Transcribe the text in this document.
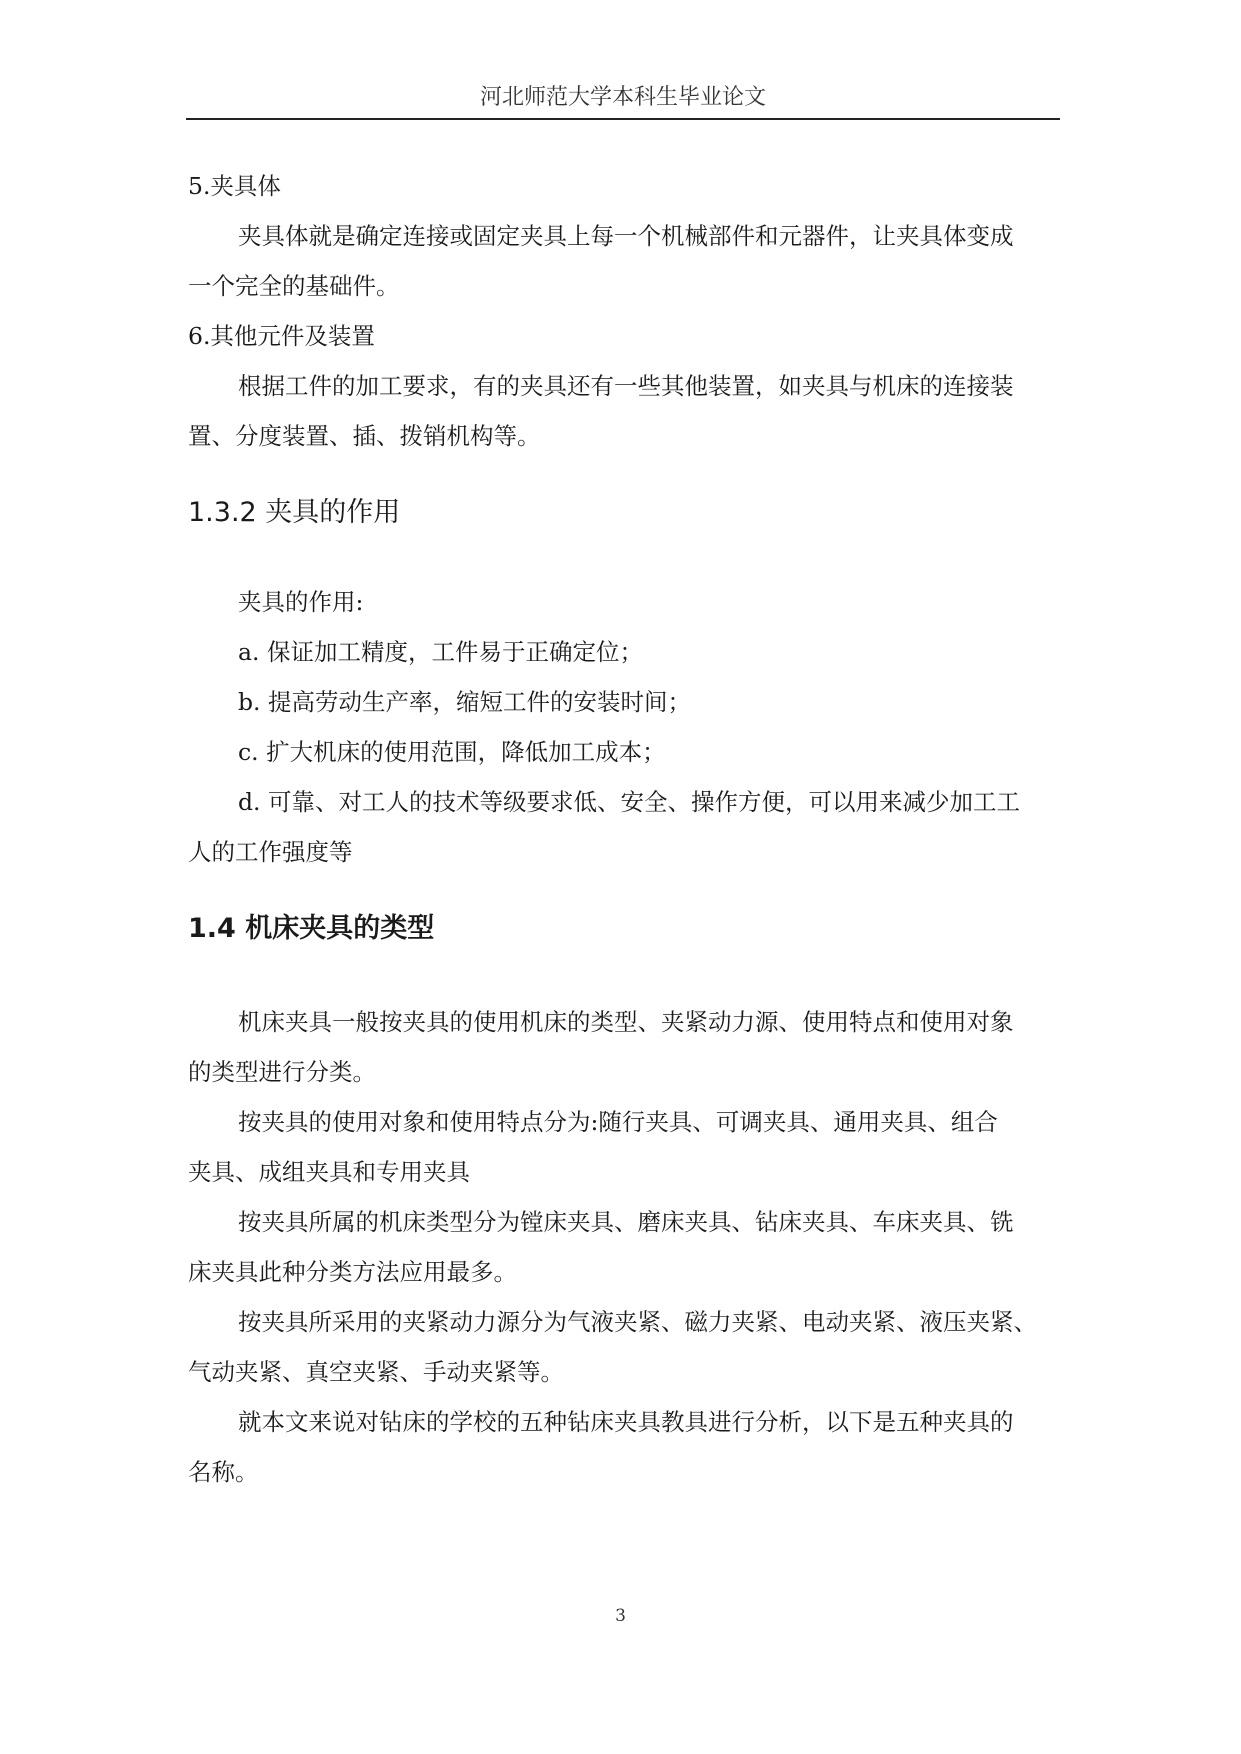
河北师范大学本科生毕业论文
5.夹具体
夹具体就是确定连接或固定夹具上每一个机械部件和元器件，让夹具体变成
一个完全的基础件。
6.其他元件及装置
根据工件的加工要求，有的夹具还有一些其他装置，如夹具与机床的连接装
置、分度装置、插、拨销机构等。
1.3.2 夹具的作用
夹具的作用:
a. 保证加工精度，工件易于正确定位；
b. 提高劳动生产率，缩短工件的安装时间；
c. 扩大机床的使用范围，降低加工成本；
d. 可靠、对工人的技术等级要求低、安全、操作方便，可以用来减少加工工
人的工作强度等
1.4 机床夹具的类型
机床夹具一般按夹具的使用机床的类型、夹紧动力源、使用特点和使用对象
的类型进行分类。
按夹具的使用对象和使用特点分为:随行夹具、可调夹具、通用夹具、组合
夹具、成组夹具和专用夹具
按夹具所属的机床类型分为镗床夹具、磨床夹具、钻床夹具、车床夹具、铣
床夹具此种分类方法应用最多。
按夹具所采用的夹紧动力源分为气液夹紧、磁力夹紧、电动夹紧、液压夹紧、
气动夹紧、真空夹紧、手动夹紧等。
就本文来说对钻床的学校的五种钻床夹具教具进行分析，以下是五种夹具的
名称。
3
